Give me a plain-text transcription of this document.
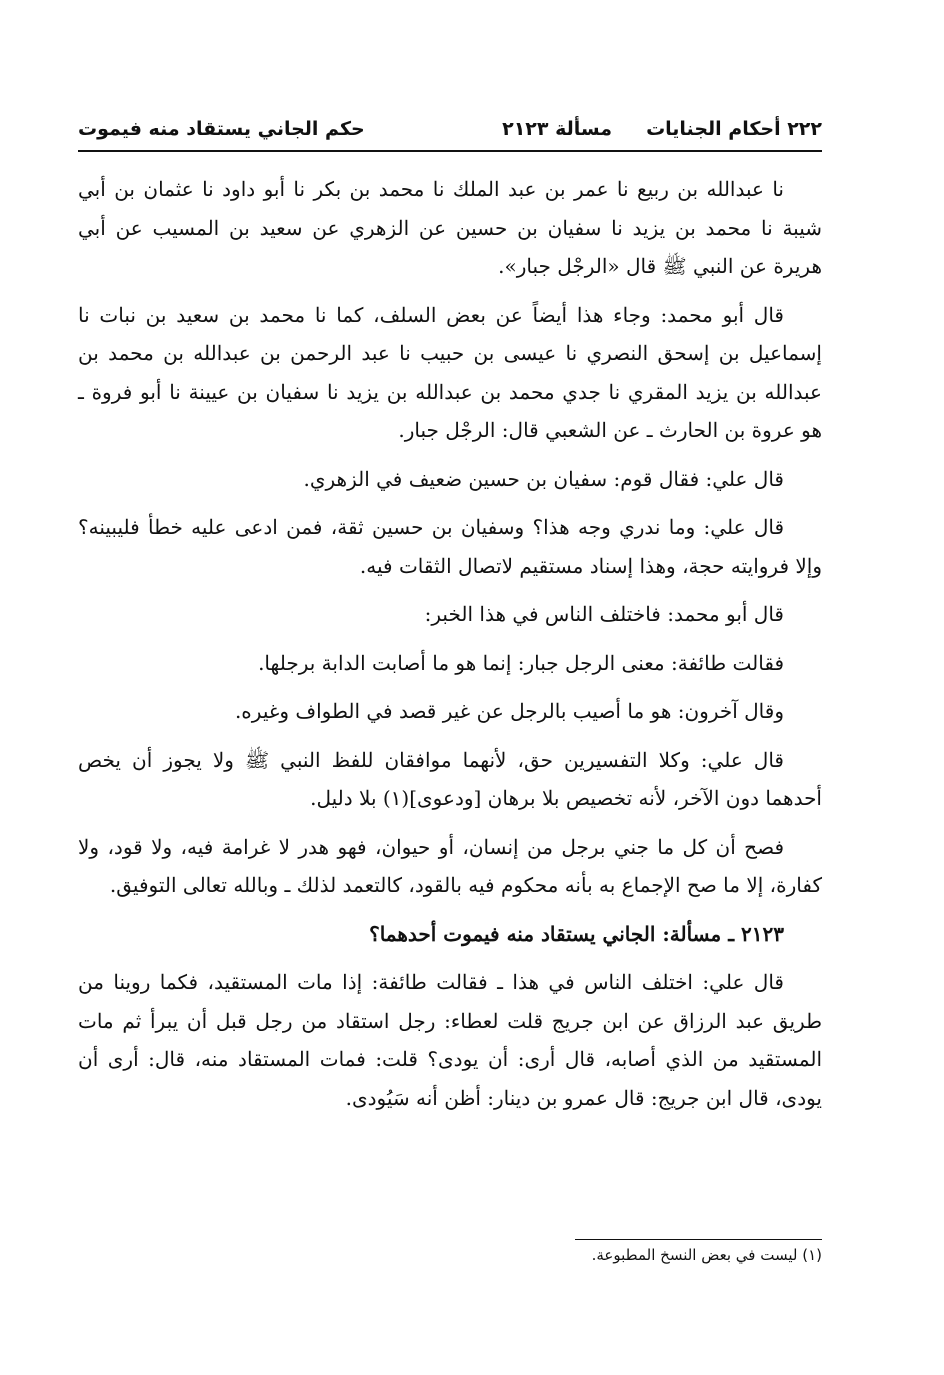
٢٢٢ أحكام الجنايات
مسألة ٢١٢٣
حكم الجاني يستقاد منه فيموت

نا عبدالله بن ربيع نا عمر بن عبد الملك نا محمد بن بكر نا أبو داود نا عثمان بن أبي شيبة نا محمد بن يزيد نا سفيان بن حسين عن الزهري عن سعيد بن المسيب عن أبي هريرة عن النبي ﷺ قال «الرجْل جبار».

قال أبو محمد: وجاء هذا أيضاً عن بعض السلف، كما نا محمد بن سعيد بن نبات نا إسماعيل بن إسحق النصري نا عيسى بن حبيب نا عبد الرحمن بن عبدالله بن محمد بن عبدالله بن يزيد المقري نا جدي محمد بن عبدالله بن يزيد نا سفيان بن عيينة نا أبو فروة ـ هو عروة بن الحارث ـ عن الشعبي قال: الرجْل جبار.

قال علي: فقال قوم: سفيان بن حسين ضعيف في الزهري.

قال علي: وما ندري وجه هذا؟ وسفيان بن حسين ثقة، فمن ادعى عليه خطأ فليبينه؟ وإلا فروايته حجة، وهذا إسناد مستقيم لاتصال الثقات فيه.

قال أبو محمد: فاختلف الناس في هذا الخبر:

فقالت طائفة: معنى الرجل جبار: إنما هو ما أصابت الدابة برجلها.

وقال آخرون: هو ما أصيب بالرجل عن غير قصد في الطواف وغيره.

قال علي: وكلا التفسيرين حق، لأنهما موافقان للفظ النبي ﷺ ولا يجوز أن يخص أحدهما دون الآخر، لأنه تخصيص بلا برهان [ودعوى](١) بلا دليل.

فصح أن كل ما جني برجل من إنسان، أو حيوان، فهو هدر لا غرامة فيه، ولا قود، ولا كفارة، إلا ما صح الإجماع به بأنه محكوم فيه بالقود، كالتعمد لذلك ـ وبالله تعالى التوفيق.

٢١٢٣ ـ مسألة: الجاني يستقاد منه فيموت أحدهما؟

قال علي: اختلف الناس في هذا ـ فقالت طائفة: إذا مات المستقيد، فكما روينا من طريق عبد الرزاق عن ابن جريج قلت لعطاء: رجل استقاد من رجل قبل أن يبرأ ثم مات المستقيد من الذي أصابه، قال أرى: أن يودى؟ قلت: فمات المستقاد منه، قال: أرى أن يودى، قال ابن جريج: قال عمرو بن دينار: أظن أنه سَيُودى.

(١) ليست في بعض النسخ المطبوعة.
